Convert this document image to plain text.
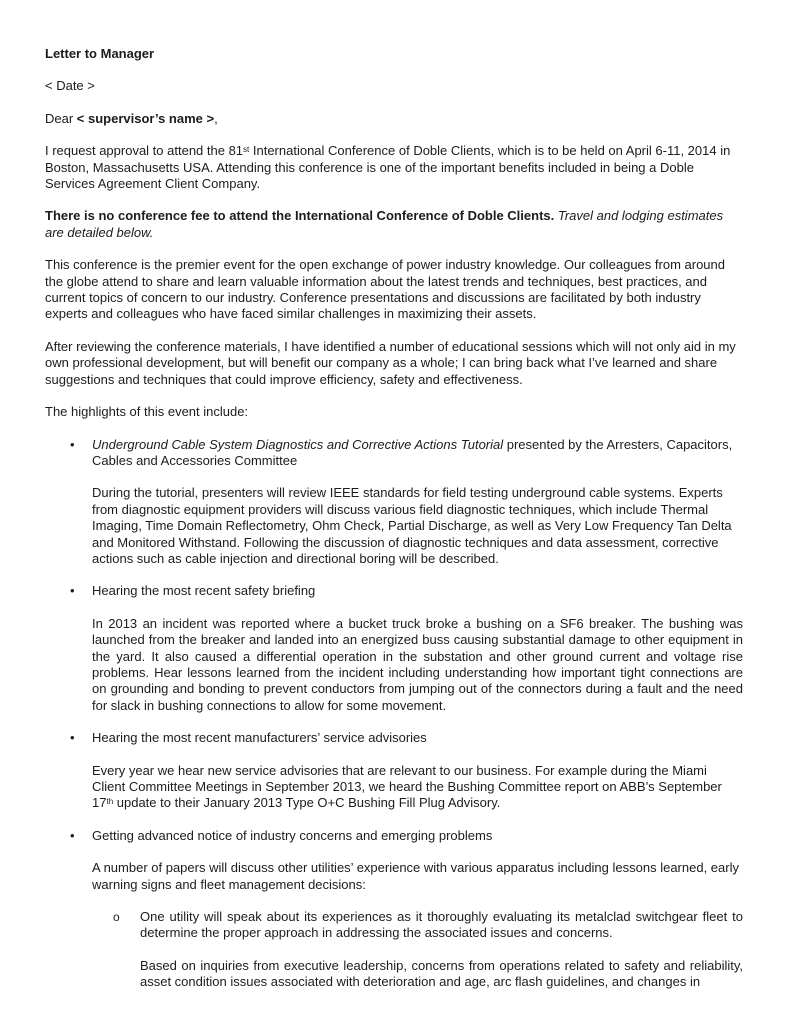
Letter to Manager

< Date >

Dear < supervisor’s name >,

I request approval to attend the 81st International Conference of Doble Clients, which is to be held on April 6-11, 2014 in Boston, Massachusetts USA. Attending this conference is one of the important benefits included in being a Doble Services Agreement Client Company.

There is no conference fee to attend the International Conference of Doble Clients. Travel and lodging estimates are detailed below.

This conference is the premier event for the open exchange of power industry knowledge. Our colleagues from around the globe attend to share and learn valuable information about the latest trends and techniques, best practices, and current topics of concern to our industry. Conference presentations and discussions are facilitated by both industry experts and colleagues who have faced similar challenges in maximizing their assets.

After reviewing the conference materials, I have identified a number of educational sessions which will not only aid in my own professional development, but will benefit our company as a whole; I can bring back what I’ve learned and share suggestions and techniques that could improve efficiency, safety and effectiveness.

The highlights of this event include:

•	Underground Cable System Diagnostics and Corrective Actions Tutorial presented by the Arresters, Capacitors, Cables and Accessories Committee

During the tutorial, presenters will review IEEE standards for field testing underground cable systems. Experts from diagnostic equipment providers will discuss various field diagnostic techniques, which include Thermal Imaging, Time Domain Reflectometry, Ohm Check, Partial Discharge, as well as Very Low Frequency Tan Delta and Monitored Withstand. Following the discussion of diagnostic techniques and data assessment, corrective actions such as cable injection and directional boring will be described.

•	Hearing the most recent safety briefing

In 2013 an incident was reported where a bucket truck broke a bushing on a SF6 breaker. The bushing was launched from the breaker and landed into an energized buss causing substantial damage to other equipment in the yard. It also caused a differential operation in the substation and other ground current and voltage rise problems. Hear lessons learned from the incident including understanding how important tight connections are on grounding and bonding to prevent conductors from jumping out of the connectors during a fault and the need for slack in bushing connections to allow for some movement.

•	Hearing the most recent manufacturers’ service advisories

Every year we hear new service advisories that are relevant to our business. For example during the Miami Client Committee Meetings in September 2013, we heard the Bushing Committee report on ABB’s September 17th update to their January 2013 Type O+C Bushing Fill Plug Advisory.

•	Getting advanced notice of industry concerns and emerging problems

A number of papers will discuss other utilities’ experience with various apparatus including lessons learned, early warning signs and fleet management decisions:

o	One utility will speak about its experiences as it thoroughly evaluating its metalclad switchgear fleet to determine the proper approach in addressing the associated issues and concerns.

Based on inquiries from executive leadership, concerns from operations related to safety and reliability, asset condition issues associated with deterioration and age, arc flash guidelines, and changes in
